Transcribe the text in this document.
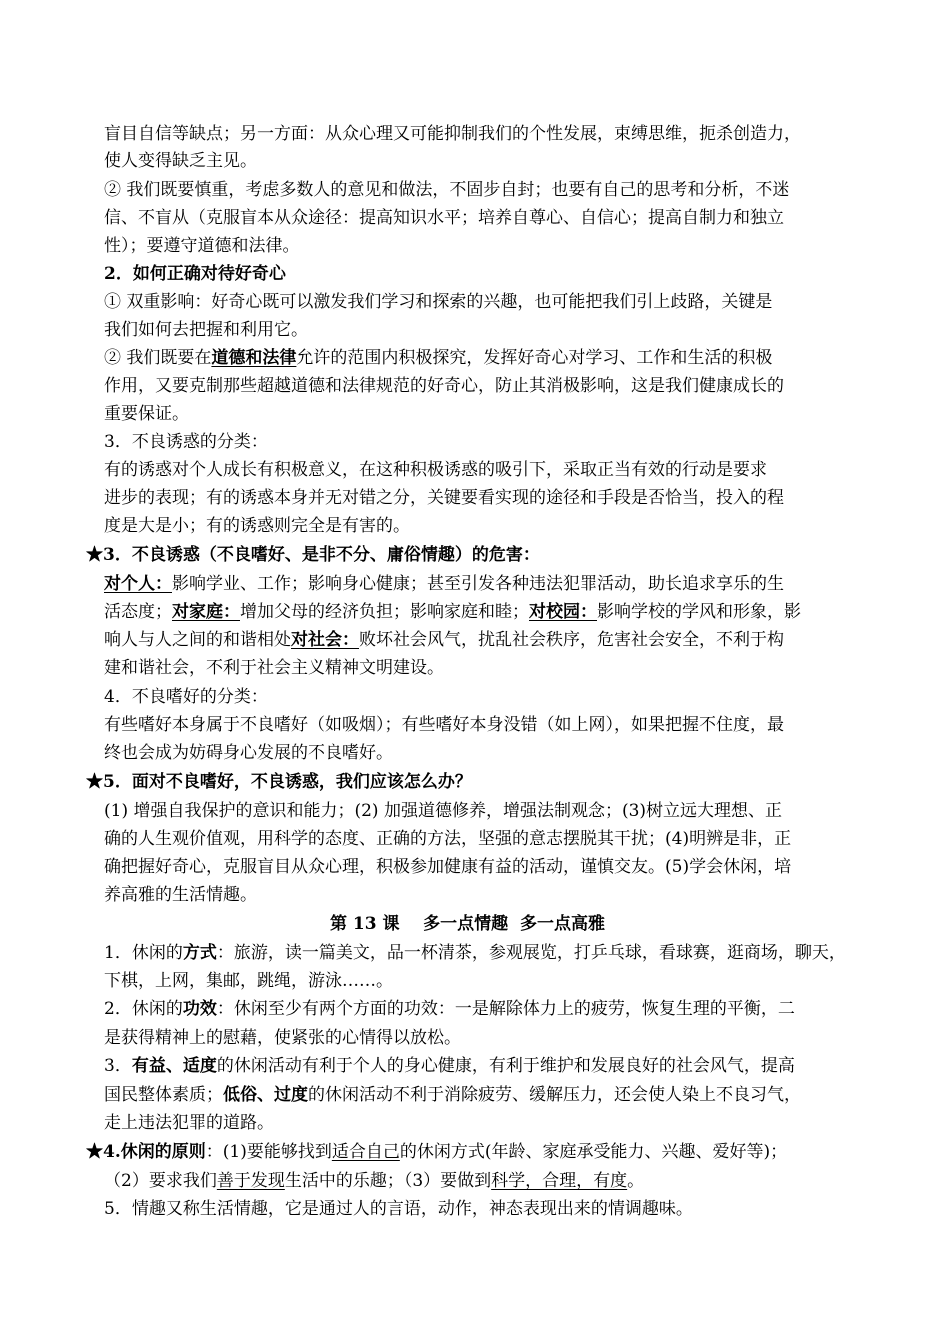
盲目自信等缺点；另一方面：从众心理又可能抑制我们的个性发展，束缚思维，扼杀创造力，
使人变得缺乏主见。
② 我们既要慎重，考虑多数人的意见和做法，不固步自封；也要有自己的思考和分析，不迷
信、不盲从（克服盲本从众途径：提高知识水平；培养自尊心、自信心；提高自制力和独立
性）；要遵守道德和法律。
2．如何正确对待好奇心
① 双重影响：好奇心既可以激发我们学习和探索的兴趣，也可能把我们引上歧路，关键是
我们如何去把握和利用它。
② 我们既要在道德和法律允许的范围内积极探究，发挥好奇心对学习、工作和生活的积极
作用，又要克制那些超越道德和法律规范的好奇心，防止其消极影响，这是我们健康成长的
重要保证。
3．不良诱惑的分类：
有的诱惑对个人成长有积极意义，在这种积极诱惑的吸引下，采取正当有效的行动是要求
进步的表现；有的诱惑本身并无对错之分，关键要看实现的途径和手段是否恰当，投入的程
度是大是小；有的诱惑则完全是有害的。
★3．不良诱惑（不良嗜好、是非不分、庸俗情趣）的危害：
对个人：影响学业、工作；影响身心健康；甚至引发各种违法犯罪活动，助长追求享乐的生
活态度；对家庭：增加父母的经济负担；影响家庭和睦；对校园：影响学校的学风和形象，影
响人与人之间的和谐相处对社会：败坏社会风气，扰乱社会秩序，危害社会安全，不利于构
建和谐社会，不利于社会主义精神文明建设。
4．不良嗜好的分类：
有些嗜好本身属于不良嗜好（如吸烟）；有些嗜好本身没错（如上网），如果把握不住度，最
终也会成为妨碍身心发展的不良嗜好。
★5．面对不良嗜好，不良诱惑，我们应该怎么办？
(1) 增强自我保护的意识和能力；(2) 加强道德修养，增强法制观念；(3)树立远大理想、正
确的人生观价值观，用科学的态度、正确的方法，坚强的意志摆脱其干扰；(4)明辨是非，正
确把握好奇心，克服盲目从众心理，积极参加健康有益的活动，谨慎交友。(5)学会休闲，培
养高雅的生活情趣。
第 13 课    多一点情趣  多一点高雅
1．休闲的方式：旅游，读一篇美文，品一杯清茶，参观展览，打乒乓球，看球赛，逛商场，聊天，
下棋，上网，集邮，跳绳，游泳……。
2．休闲的功效：休闲至少有两个方面的功效：一是解除体力上的疲劳，恢复生理的平衡，二
是获得精神上的慰藉，使紧张的心情得以放松。
3．有益、适度的休闲活动有利于个人的身心健康，有利于维护和发展良好的社会风气，提高
国民整体素质；低俗、过度的休闲活动不利于消除疲劳、缓解压力，还会使人染上不良习气，
走上违法犯罪的道路。
★4.休闲的原则：(1)要能够找到适合自己的休闲方式(年龄、家庭承受能力、兴趣、爱好等)；
（2）要求我们善于发现生活中的乐趣；（3）要做到科学，合理，有度。
5．情趣又称生活情趣，它是通过人的言语，动作，神态表现出来的情调趣味。
